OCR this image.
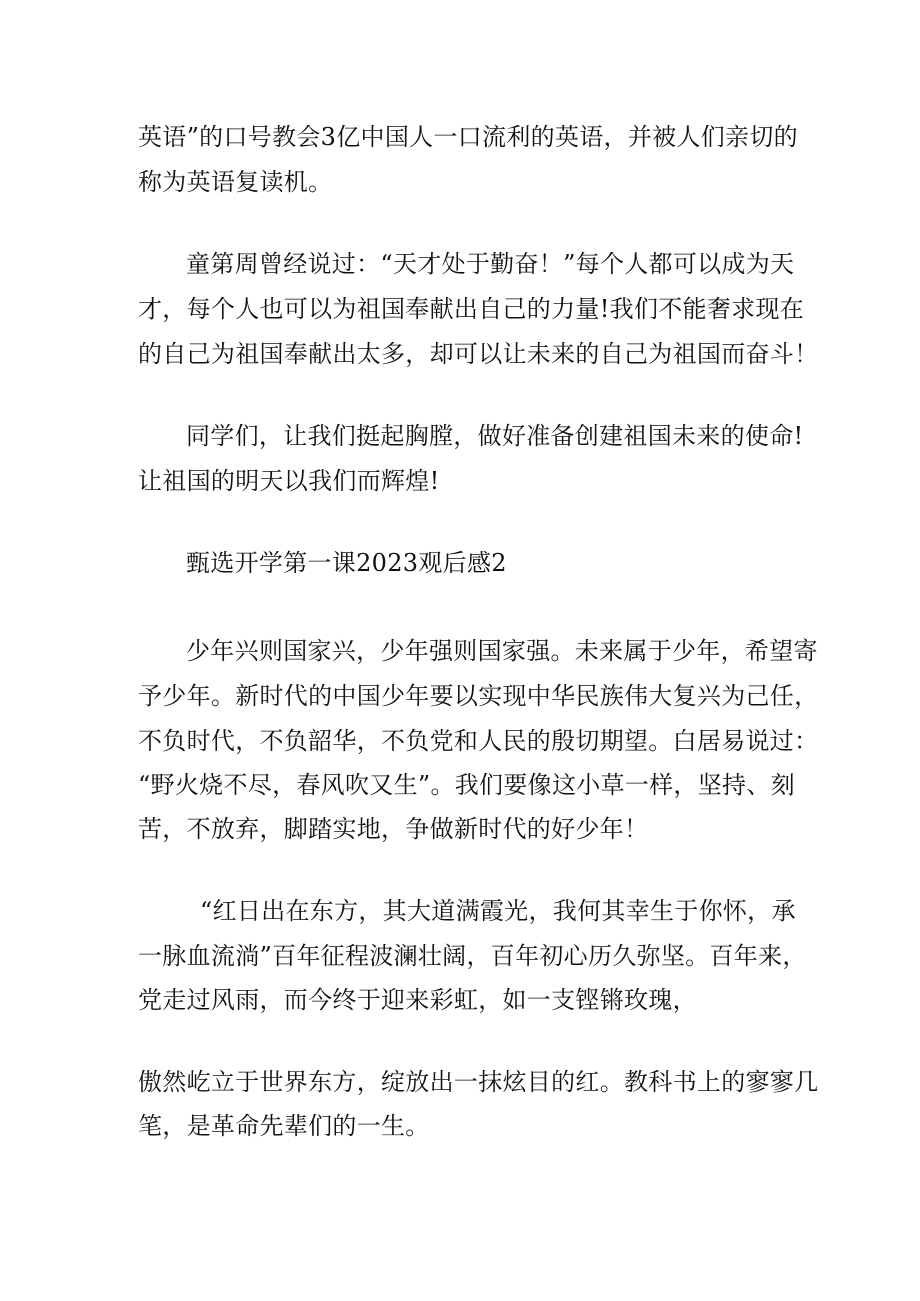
英语”的口号教会3亿中国人一口流利的英语，并被人们亲切的
称为英语复读机。
童第周曾经说过：“天才处于勤奋！”每个人都可以成为天
才，每个人也可以为祖国奉献出自己的力量!我们不能奢求现在
的自己为祖国奉献出太多，却可以让未来的自己为祖国而奋斗！
同学们，让我们挺起胸膛，做好准备创建祖国未来的使命!
让祖国的明天以我们而辉煌!
甄选开学第一课2023观后感2
少年兴则国家兴，少年强则国家强。未来属于少年，希望寄
予少年。新时代的中国少年要以实现中华民族伟大复兴为己任，
不负时代，不负韶华，不负党和人民的殷切期望。白居易说过：
“野火烧不尽，春风吹又生”。我们要像这小草一样，坚持、刻
苦，不放弃，脚踏实地，争做新时代的好少年！
“红日出在东方，其大道满霞光，我何其幸生于你怀，承
一脉血流淌”百年征程波澜壮阔，百年初心历久弥坚。百年来，
党走过风雨，而今终于迎来彩虹，如一支铿锵玫瑰，
傲然屹立于世界东方，绽放出一抹炫目的红。教科书上的寥寥几
笔，是革命先辈们的一生。
